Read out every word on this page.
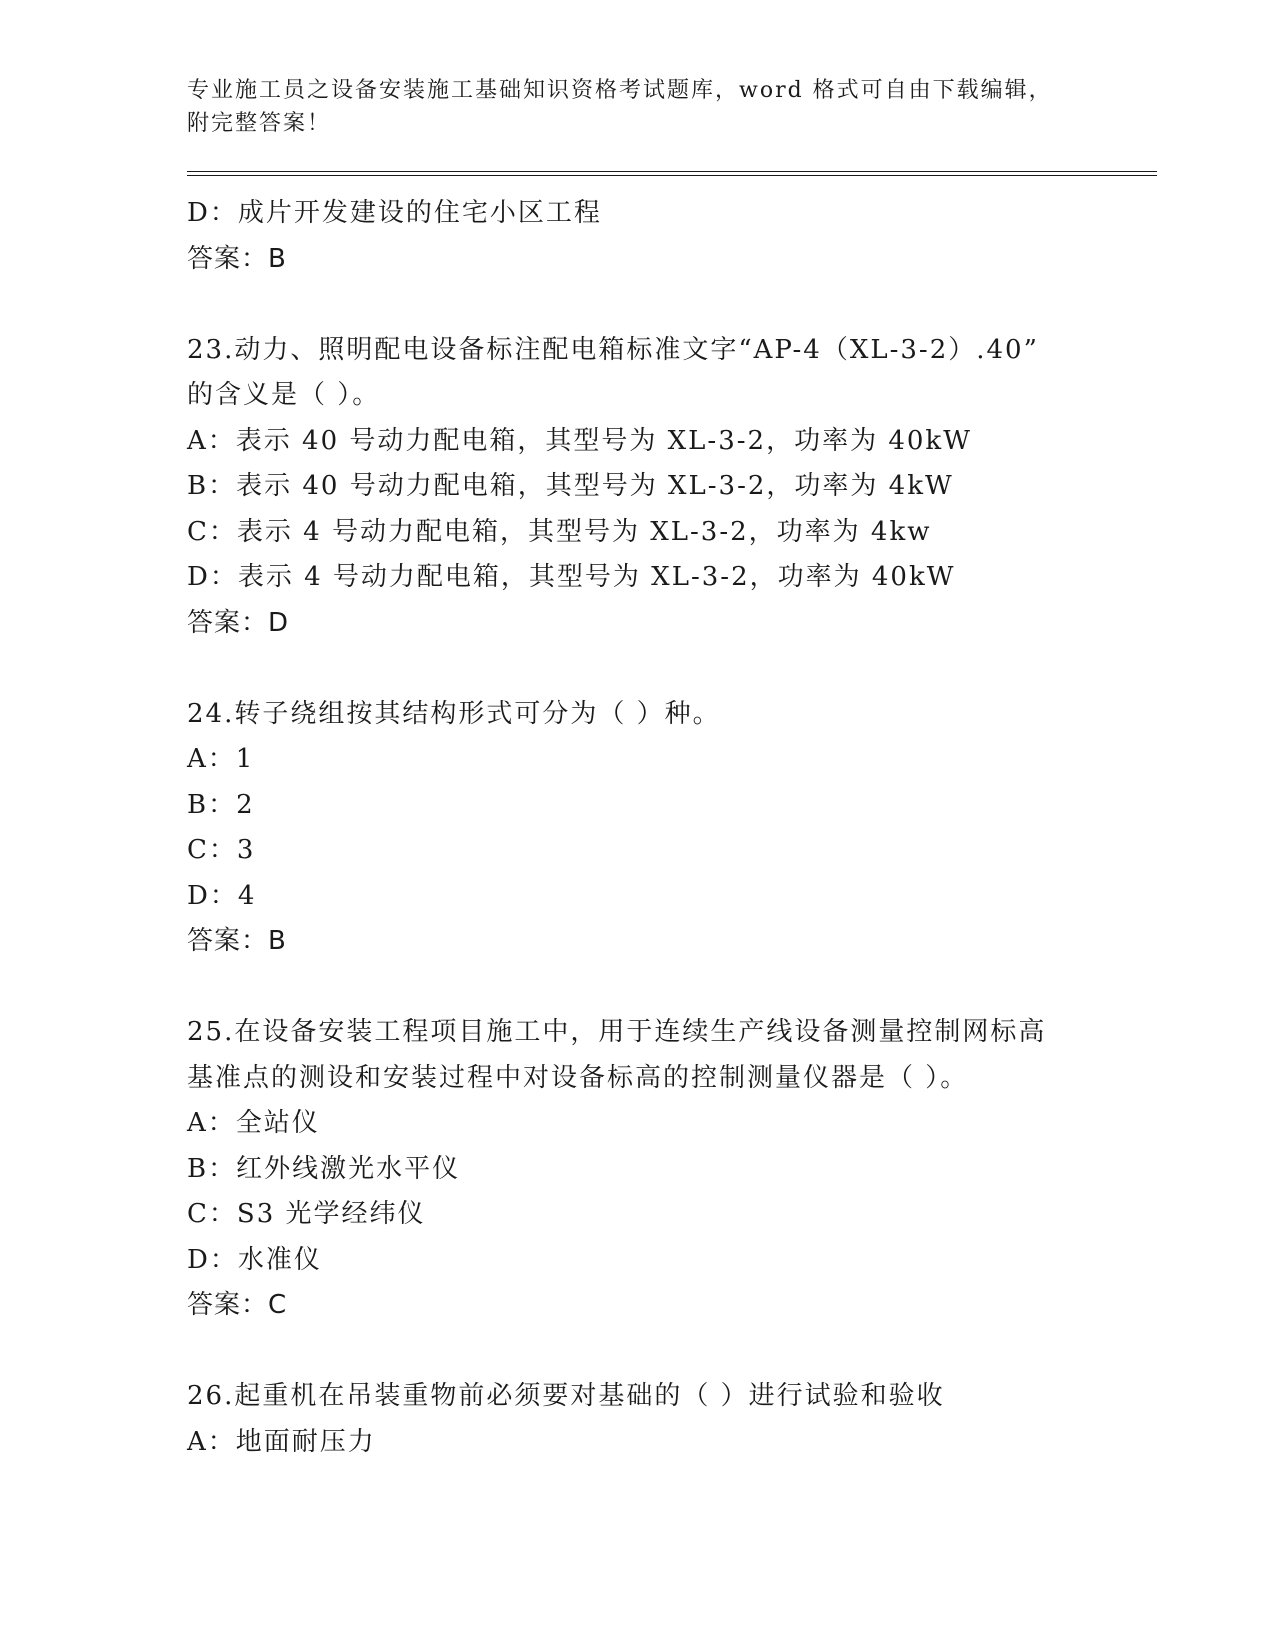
专业施工员之设备安装施工基础知识资格考试题库，word 格式可自由下载编辑，
附完整答案！
D：成片开发建设的住宅小区工程
答案：B
23.动力、照明配电设备标注配电箱标准文字“AP-4（XL-3-2）.40”
的含义是（ ）。
A：表示 40 号动力配电箱，其型号为 XL-3-2，功率为 40kW
B：表示 40 号动力配电箱，其型号为 XL-3-2，功率为 4kW
C：表示 4 号动力配电箱，其型号为 XL-3-2，功率为 4kw
D：表示 4 号动力配电箱，其型号为 XL-3-2，功率为 40kW
答案：D
24.转子绕组按其结构形式可分为（ ）种。
A：1
B：2
C：3
D：4
答案：B
25.在设备安装工程项目施工中，用于连续生产线设备测量控制网标高
基准点的测设和安装过程中对设备标高的控制测量仪器是（ ）。
A：全站仪
B：红外线激光水平仪
C：S3 光学经纬仪
D：水准仪
答案：C
26.起重机在吊装重物前必须要对基础的（ ）进行试验和验收
A：地面耐压力
